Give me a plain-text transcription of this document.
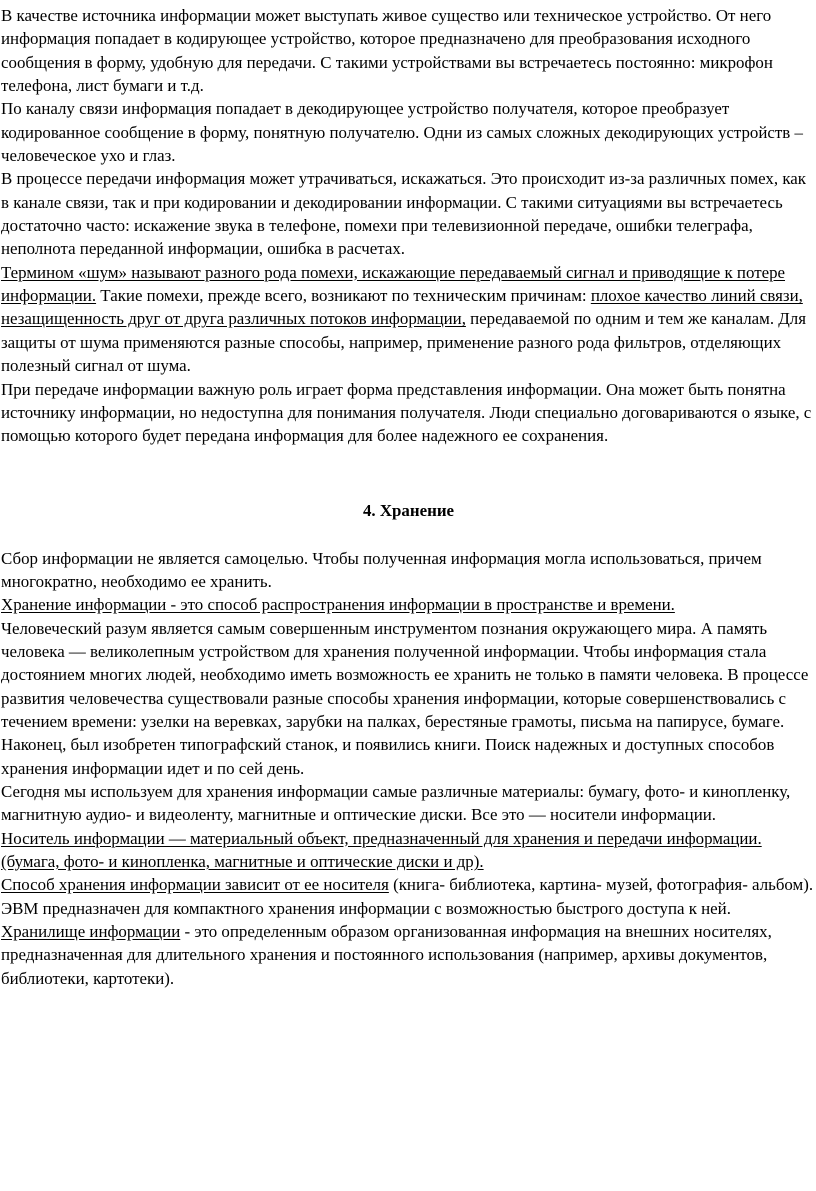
В качестве источника информации может выступать живое существо или техническое устройство. От него информация попадает в кодирующее устройство, которое предназначено для преобразования исходного сообщения в форму, удобную для передачи. С такими устройствами вы встречаетесь постоянно: микрофон телефона, лист бумаги и т.д.

По каналу связи информация попадает в декодирующее устройство получателя, которое преобразует кодированное сообщение в форму, понятную получателю. Одни из самых сложных декодирующих устройств – человеческое ухо и глаз.

В процессе передачи информация может утрачиваться, искажаться. Это происходит из-за различных помех, как в канале связи, так и при кодировании и декодировании информации. С такими ситуациями вы встречаетесь достаточно часто: искажение звука в телефоне, помехи при телевизионной передаче, ошибки телеграфа, неполнота переданной информации, ошибка в расчетах.

Термином «шум» называют разного рода помехи, искажающие передаваемый сигнал и приводящие к потере информации. Такие помехи, прежде всего, возникают по техническим причинам: плохое качество линий связи, незащищенность друг от друга различных потоков информации, передаваемой по одним и тем же каналам. Для защиты от шума применяются разные способы, например, применение разного рода фильтров, отделяющих полезный сигнал от шума.

При передаче информации важную роль играет форма представления информации. Она может быть понятна источнику информации, но недоступна для понимания получателя. Люди специально договариваются о языке, с помощью которого будет передана информация для более надежного ее сохранения.

4. Хранение

Сбор информации не является самоцелью. Чтобы полученная информация могла использоваться, причем многократно, необходимо ее хранить.

Хранение информации - это способ распространения информации в пространстве и времени.

Человеческий разум является самым совершенным инструментом познания окружающего мира. А память человека — великолепным устройством для хранения полученной информации. Чтобы информация стала достоянием многих людей, необходимо иметь возможность ее хранить не только в памяти человека. В процессе развития человечества существовали разные способы хранения информации, которые совершенствовались с течением времени: узелки на веревках, зарубки на палках, берестяные грамоты, письма на папирусе, бумаге.

Наконец, был изобретен типографский станок, и появились книги. Поиск надежных и доступных способов хранения информации идет и по сей день.

Сегодня мы используем для хранения информации самые различные материалы: бумагу, фото- и кинопленку, магнитную аудио- и видеоленту, магнитные и оптические диски. Все это — носители информации.

Носитель информации — материальный объект, предназначенный для хранения и передачи информации. (бумага, фото- и кинопленка, магнитные и оптические диски и др).

Способ хранения информации зависит от ее носителя (книга- библиотека, картина- музей, фотография- альбом).

ЭВМ предназначен для компактного хранения информации с возможностью быстрого доступа к ней.

Хранилище информации - это определенным образом организованная информация на внешних носителях, предназначенная для длительного хранения и постоянного использования (например, архивы документов, библиотеки, картотеки).
